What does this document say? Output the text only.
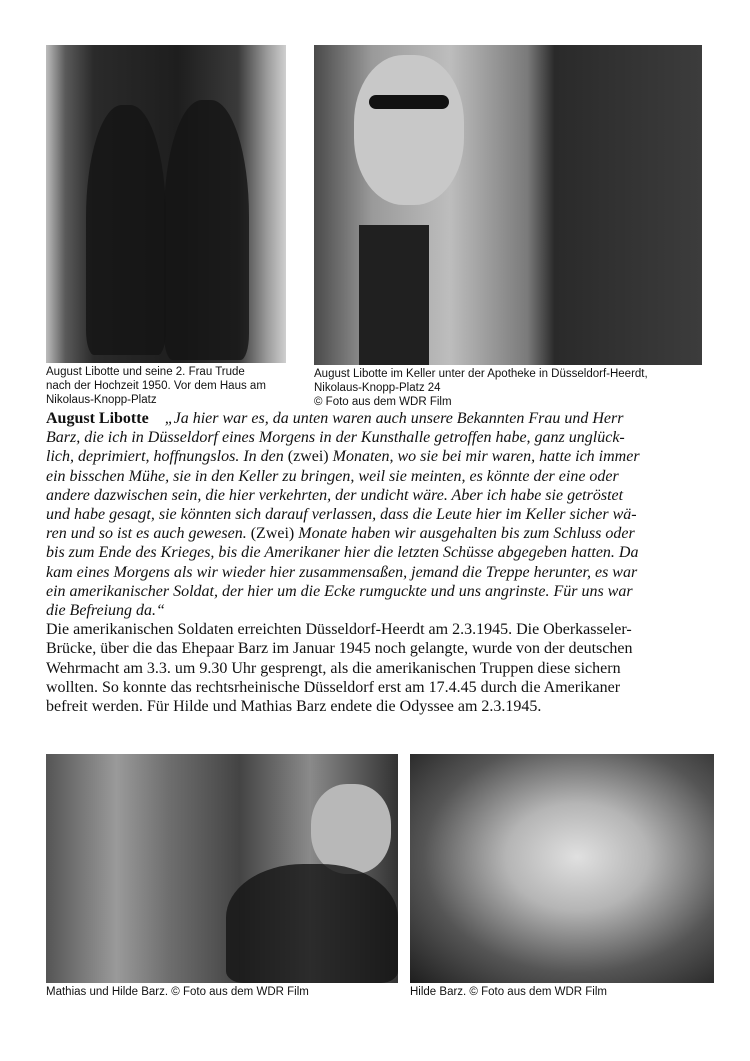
August Libotte und seine 2. Frau Trude
nach der Hochzeit 1950. Vor dem Haus am
Nikolaus-Knopp-Platz
August Libotte im Keller unter der Apotheke in Düsseldorf-Heerdt,
Nikolaus-Knopp-Platz 24
© Foto aus dem WDR Film
Mathias und Hilde Barz. © Foto aus dem WDR Film	Hilde Barz. © Foto aus dem WDR Film
August Libotte „Ja hier war es, da unten waren auch unsere Bekannten Frau und Herr
Barz, die ich in Düsseldorf eines Morgens in der Kunsthalle getroffen habe, ganz unglück-
lich, deprimiert, hoffnungslos. In den (zwei) Monaten, wo sie bei mir waren, hatte ich immer
ein bisschen Mühe, sie in den Keller zu bringen, weil sie meinten, es könnte der eine oder
andere dazwischen sein, die hier verkehrten, der undicht wäre. Aber ich habe sie getröstet
und habe gesagt, sie könnten sich darauf verlassen, dass die Leute hier im Keller sicher wä-
ren und so ist es auch gewesen. (Zwei) Monate haben wir ausgehalten bis zum Schluss oder
bis zum Ende des Krieges, bis die Amerikaner hier die letzten Schüsse abgegeben hatten. Da
kam eines Morgens als wir wieder hier zusammensaßen, jemand die Treppe herunter, es war
ein amerikanischer Soldat, der hier um die Ecke rumguckte und uns angrinste. Für uns war
die Befreiung da.“
Die amerikanischen Soldaten erreichten Düsseldorf-Heerdt am 2.3.1945. Die Oberkasseler-
Brücke, über die das Ehepaar Barz im Januar 1945 noch gelangte, wurde von der deutschen
Wehrmacht am 3.3. um 9.30 Uhr gesprengt, als die amerikanischen Truppen diese sichern
wollten. So konnte das rechtsrheinische Düsseldorf erst am 17.4.45 durch die Amerikaner
befreit werden. Für Hilde und Mathias Barz endete die Odyssee am 2.3.1945.
